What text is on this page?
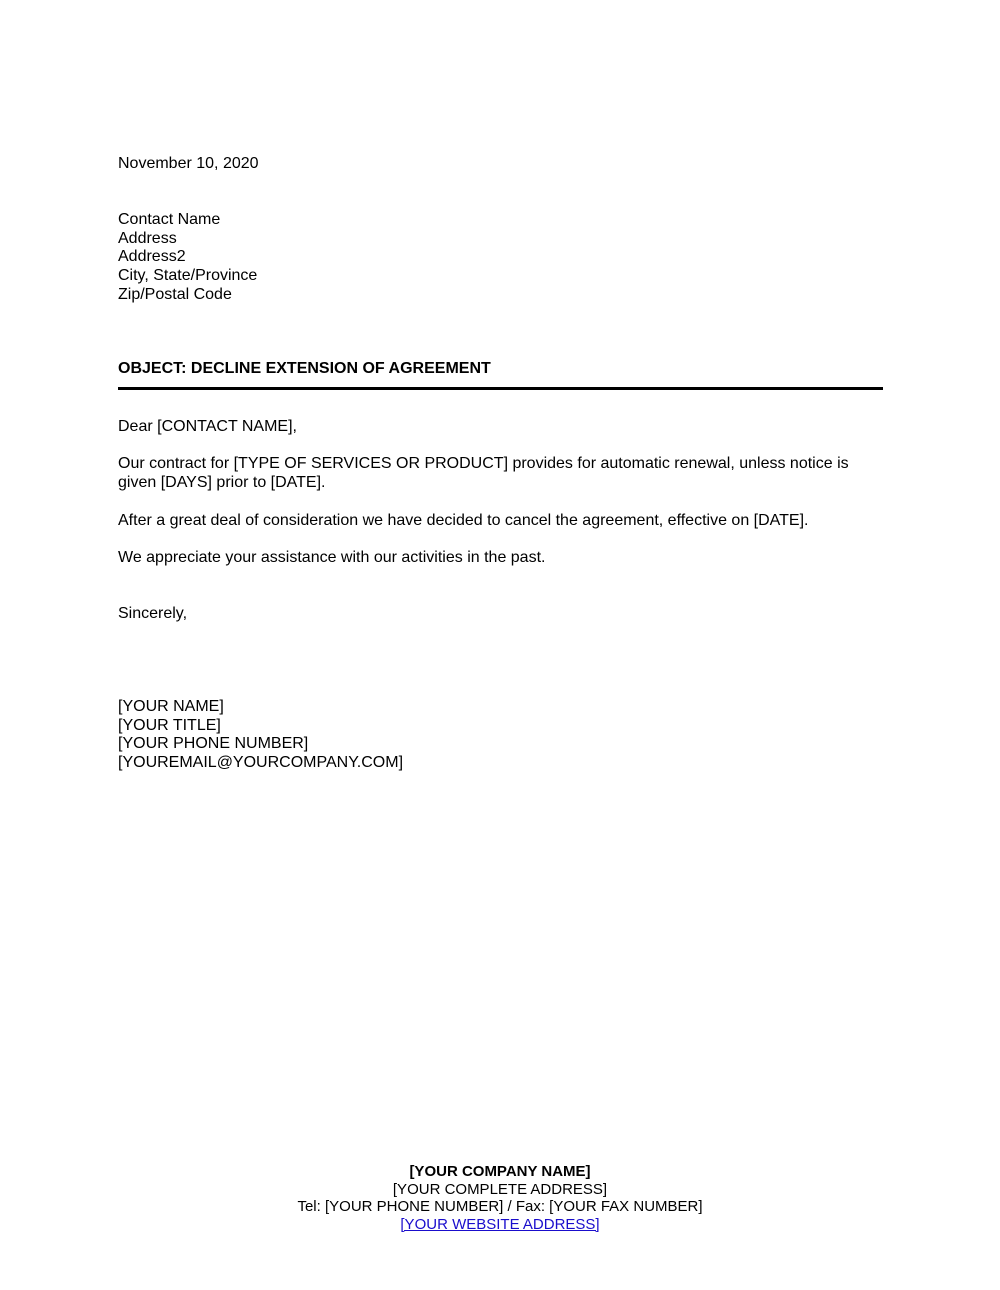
November 10, 2020
Contact Name
Address
Address2
City, State/Province
Zip/Postal Code
OBJECT: DECLINE EXTENSION OF AGREEMENT
Dear [CONTACT NAME],
Our contract for [TYPE OF SERVICES OR PRODUCT] provides for automatic renewal, unless notice is given [DAYS] prior to [DATE].
After a great deal of consideration we have decided to cancel the agreement, effective on [DATE].
We appreciate your assistance with our activities in the past.
Sincerely,
[YOUR NAME]
[YOUR TITLE]
[YOUR PHONE NUMBER]
[YOUREMAIL@YOURCOMPANY.COM]
[YOUR COMPANY NAME]
[YOUR COMPLETE ADDRESS]
Tel: [YOUR PHONE NUMBER] / Fax: [YOUR FAX NUMBER]
[YOUR WEBSITE ADDRESS]
